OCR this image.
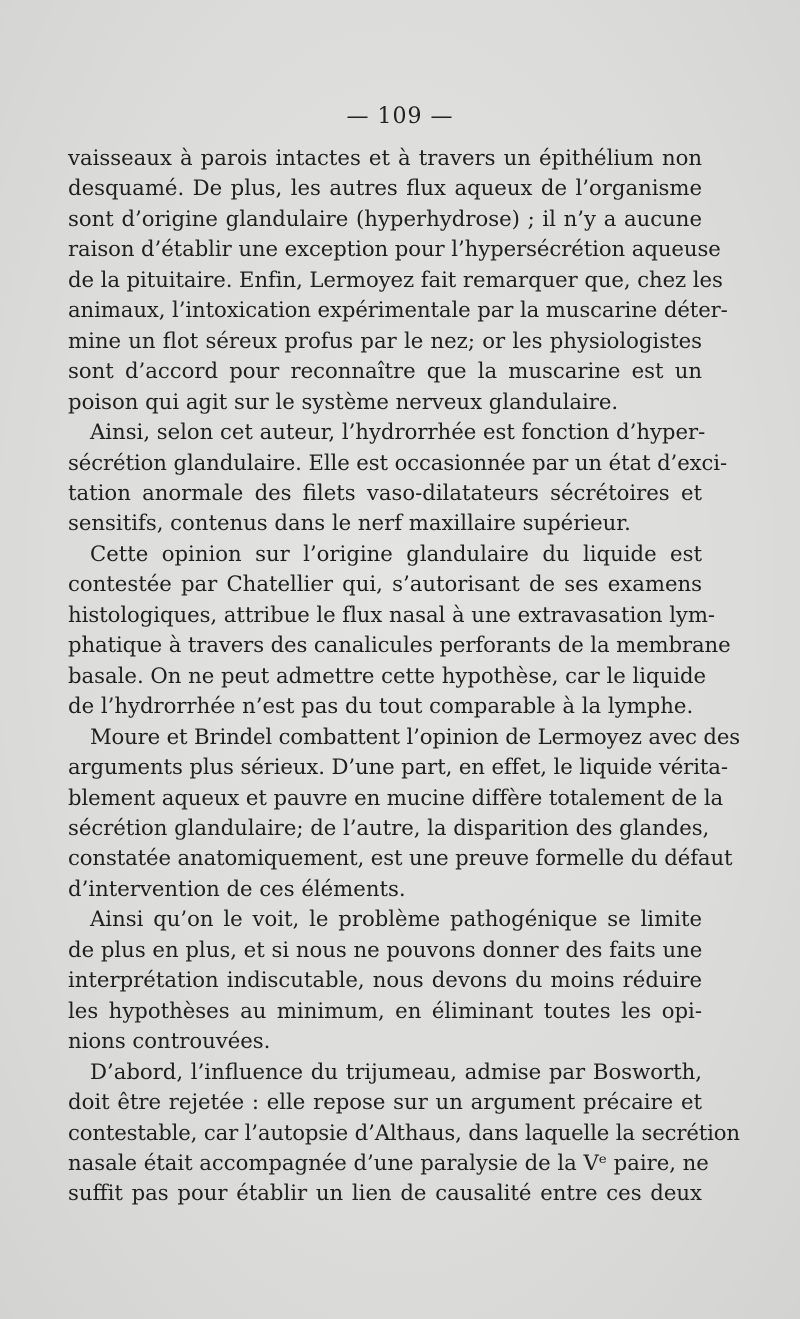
— 109 —

vaisseaux à parois intactes et à travers un épithélium non
desquamé. De plus, les autres flux aqueux de l’organisme
sont d’origine glandulaire (hyperhydrose) ; il n’y a aucune
raison d’établir une exception pour l’hypersécrétion aqueuse
de la pituitaire. Enfin, Lermoyez fait remarquer que, chez les
animaux, l’intoxication expérimentale par la muscarine déter-
mine un flot séreux profus par le nez; or les physiologistes
sont d’accord pour reconnaître que la muscarine est un
poison qui agit sur le système nerveux glandulaire.

Ainsi, selon cet auteur, l’hydrorrhée est fonction d’hyper-
sécrétion glandulaire. Elle est occasionnée par un état d’exci-
tation anormale des filets vaso-dilatateurs sécrétoires et
sensitifs, contenus dans le nerf maxillaire supérieur.

Cette opinion sur l’origine glandulaire du liquide est
contestée par Chatellier qui, s’autorisant de ses examens
histologiques, attribue le flux nasal à une extravasation lym-
phatique à travers des canalicules perforants de la membrane
basale. On ne peut admettre cette hypothèse, car le liquide
de l’hydrorrhée n’est pas du tout comparable à la lymphe.

Moure et Brindel combattent l’opinion de Lermoyez avec des
arguments plus sérieux. D’une part, en effet, le liquide vérita-
blement aqueux et pauvre en mucine diffère totalement de la
sécrétion glandulaire; de l’autre, la disparition des glandes,
constatée anatomiquement, est une preuve formelle du défaut
d’intervention de ces éléments.

Ainsi qu’on le voit, le problème pathogénique se limite
de plus en plus, et si nous ne pouvons donner des faits une
interprétation indiscutable, nous devons du moins réduire
les hypothèses au minimum, en éliminant toutes les opi-
nions controuvées.

D’abord, l’influence du trijumeau, admise par Bosworth,
doit être rejetée : elle repose sur un argument précaire et
contestable, car l’autopsie d’Althaus, dans laquelle la secrétion
nasale était accompagnée d’une paralysie de la Vᵉ paire, ne
suffit pas pour établir un lien de causalité entre ces deux
